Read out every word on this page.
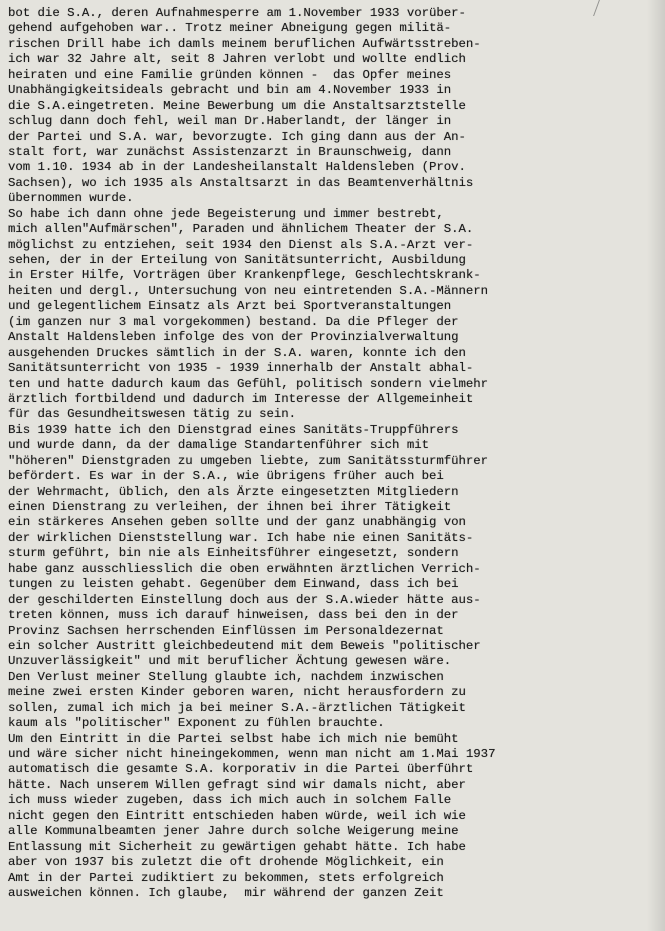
bot die S.A., deren Aufnahmesperre am 1.November 1933 vorüber-
gehend aufgehoben war.. Trotz meiner Abneigung gegen militä-
rischen Drill habe ich damls meinem beruflichen Aufwärtsstreben-
ich war 32 Jahre alt, seit 8 Jahren verlobt und wollte endlich
heiraten und eine Familie gründen können -  das Opfer meines
Unabhängigkeitsideals gebracht und bin am 4.November 1933 in
die S.A.eingetreten. Meine Bewerbung um die Anstaltsarztstelle
schlug dann doch fehl, weil man Dr.Haberlandt, der länger in
der Partei und S.A. war, bevorzugte. Ich ging dann aus der An-
stalt fort, war zunächst Assistenzarzt in Braunschweig, dann
vom 1.10. 1934 ab in der Landesheilanstalt Haldensleben (Prov.
Sachsen), wo ich 1935 als Anstaltsarzt in das Beamtenverhältnis
übernommen wurde.
So habe ich dann ohne jede Begeisterung und immer bestrebt,
mich allen"Aufmärschen", Paraden und ähnlichem Theater der S.A.
möglichst zu entziehen, seit 1934 den Dienst als S.A.-Arzt ver-
sehen, der in der Erteilung von Sanitätsunterricht, Ausbildung
in Erster Hilfe, Vorträgen über Krankenpflege, Geschlechtskrank-
heiten und dergl., Untersuchung von neu eintretenden S.A.-Männern
und gelegentlichem Einsatz als Arzt bei Sportveranstaltungen
(im ganzen nur 3 mal vorgekommen) bestand. Da die Pfleger der
Anstalt Haldensleben infolge des von der Provinzialverwaltung
ausgehenden Druckes sämtlich in der S.A. waren, konnte ich den
Sanitätsunterricht von 1935 - 1939 innerhalb der Anstalt abhal-
ten und hatte dadurch kaum das Gefühl, politisch sondern vielmehr
ärztlich fortbildend und dadurch im Interesse der Allgemeinheit
für das Gesundheitswesen tätig zu sein.
Bis 1939 hatte ich den Dienstgrad eines Sanitäts-Truppführers
und wurde dann, da der damalige Standartenführer sich mit
"höheren" Dienstgraden zu umgeben liebte, zum Sanitätssturmführer
befördert. Es war in der S.A., wie übrigens früher auch bei
der Wehrmacht, üblich, den als Ärzte eingesetzten Mitgliedern
einen Dienstrang zu verleihen, der ihnen bei ihrer Tätigkeit
ein stärkeres Ansehen geben sollte und der ganz unabhängig von
der wirklichen Dienststellung war. Ich habe nie einen Sanitäts-
sturm geführt, bin nie als Einheitsführer eingesetzt, sondern
habe ganz ausschliesslich die oben erwähnten ärztlichen Verrich-
tungen zu leisten gehabt. Gegenüber dem Einwand, dass ich bei
der geschilderten Einstellung doch aus der S.A.wieder hätte aus-
treten können, muss ich darauf hinweisen, dass bei den in der
Provinz Sachsen herrschenden Einflüssen im Personaldezernat
ein solcher Austritt gleichbedeutend mit dem Beweis "politischer
Unzuverlässigkeit" und mit beruflicher Ächtung gewesen wäre.
Den Verlust meiner Stellung glaubte ich, nachdem inzwischen
meine zwei ersten Kinder geboren waren, nicht herausfordern zu
sollen, zumal ich mich ja bei meiner S.A.-ärztlichen Tätigkeit
kaum als "politischer" Exponent zu fühlen brauchte.
Um den Eintritt in die Partei selbst habe ich mich nie bemüht
und wäre sicher nicht hineingekommen, wenn man nicht am 1.Mai 1937
automatisch die gesamte S.A. korporativ in die Partei überführt
hätte. Nach unserem Willen gefragt sind wir damals nicht, aber
ich muss wieder zugeben, dass ich mich auch in solchem Falle
nicht gegen den Eintritt entschieden haben würde, weil ich wie
alle Kommunalbeamten jener Jahre durch solche Weigerung meine
Entlassung mit Sicherheit zu gewärtigen gehabt hätte. Ich habe
aber von 1937 bis zuletzt die oft drohende Möglichkeit, ein
Amt in der Partei zudiktiert zu bekommen, stets erfolgreich
ausweichen können. Ich glaube,  mir während der ganzen Zeit
